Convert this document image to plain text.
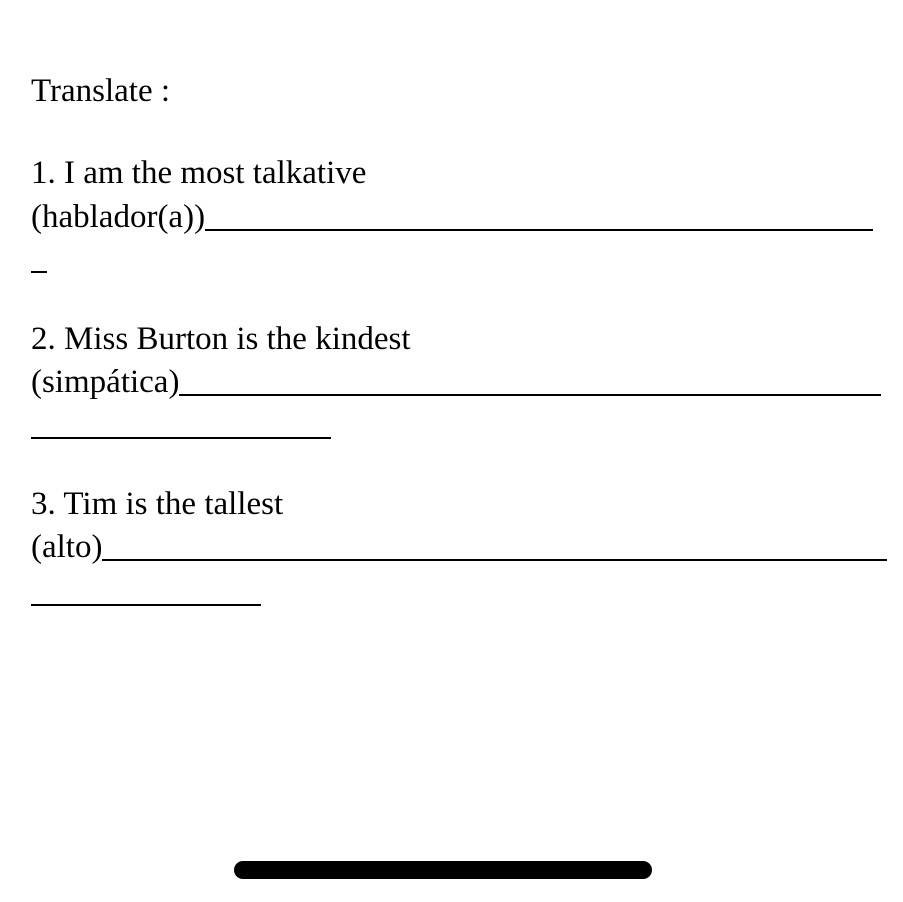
Translate :
1. I am the most talkative
(hablador(a))
2. Miss Burton is the kindest
(simpática)
3. Tim is the tallest
(alto)
